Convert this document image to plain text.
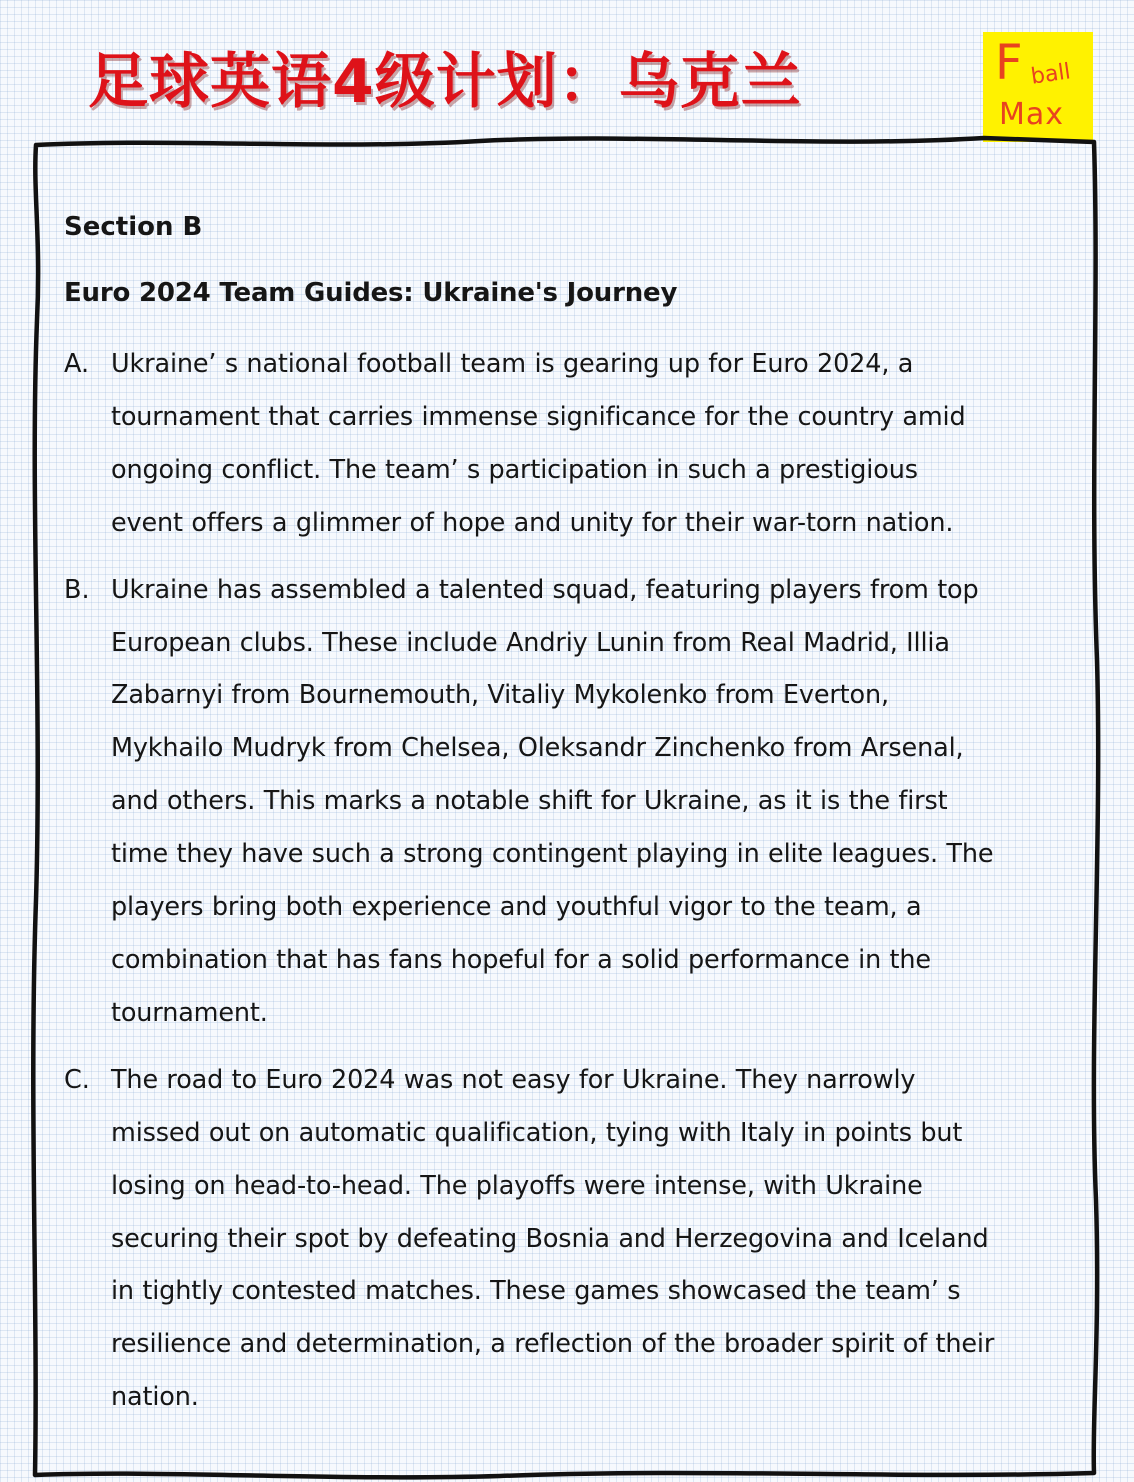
足球英语4级计划：乌克兰	F ball
Max
Section B
Euro 2024 Team Guides: Ukraine's Journey
A. Ukraine’ s national football team is gearing up for Euro 2024, a
tournament that carries immense significance for the country amid
ongoing conflict. The team’ s participation in such a prestigious
event offers a glimmer of hope and unity for their war-torn nation.

B. Ukraine has assembled a talented squad, featuring players from top
European clubs. These include Andriy Lunin from Real Madrid, Illia
Zabarnyi from Bournemouth, Vitaliy Mykolenko from Everton,
Mykhailo Mudryk from Chelsea, Oleksandr Zinchenko from Arsenal,
and others. This marks a notable shift for Ukraine, as it is the first
time they have such a strong contingent playing in elite leagues. The
players bring both experience and youthful vigor to the team, a
combination that has fans hopeful for a solid performance in the
tournament.

C. The road to Euro 2024 was not easy for Ukraine. They narrowly
missed out on automatic qualification, tying with Italy in points but
losing on head-to-head. The playoffs were intense, with Ukraine
securing their spot by defeating Bosnia and Herzegovina and Iceland
in tightly contested matches. These games showcased the team’ s
resilience and determination, a reflection of the broader spirit of their
nation.
